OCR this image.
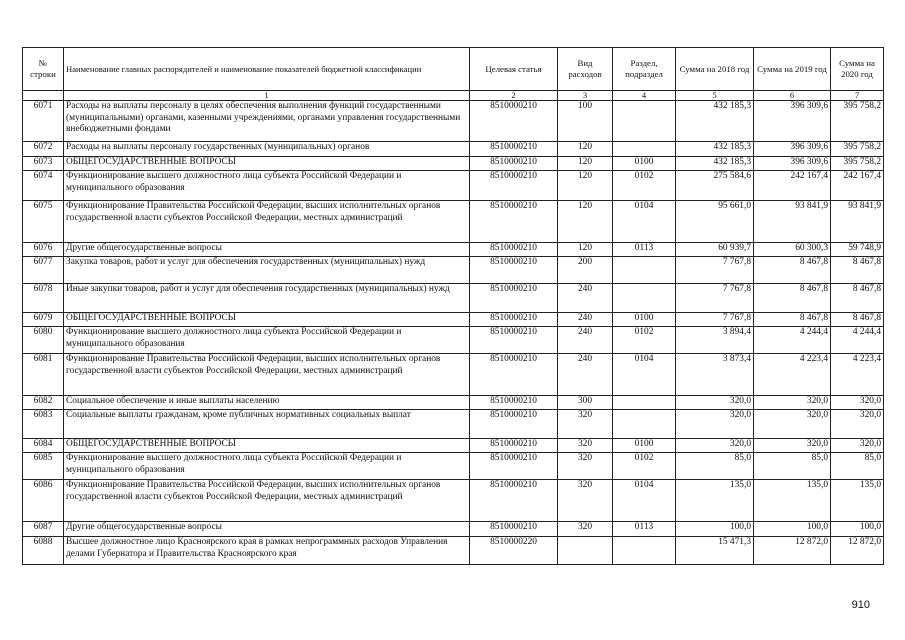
№ строки	Наименование главных распорядителей и наименование показателей бюджетной классификации	Целевая статья	Вид расходов	Раздел, подраздел	Сумма на 2018 год	Сумма на 2019 год	Сумма на 2020 год
	1	2	3	4	5	6	7
6071	Расходы на выплаты персоналу в целях обеспечения выполнения функций государственными (муниципальными) органами, казенными учреждениями, органами управления государственными внебюджетными фондами	8510000210	100		432 185,3	396 309,6	395 758,2
6072	Расходы на выплаты персоналу государственных (муниципальных) органов	8510000210	120		432 185,3	396 309,6	395 758,2
6073	ОБЩЕГОСУДАРСТВЕННЫЕ ВОПРОСЫ	8510000210	120	0100	432 185,3	396 309,6	395 758,2
6074	Функционирование высшего должностного лица субъекта Российской Федерации и муниципального образования	8510000210	120	0102	275 584,6	242 167,4	242 167,4
6075	Функционирование Правительства Российской Федерации, высших исполнительных органов государственной власти субъектов Российской Федерации, местных администраций	8510000210	120	0104	95 661,0	93 841,9	93 841,9
6076	Другие общегосударственные вопросы	8510000210	120	0113	60 939,7	60 300,3	59 748,9
6077	Закупка товаров, работ и услуг для обеспечения государственных (муниципальных) нужд	8510000210	200		7 767,8	8 467,8	8 467,8
6078	Иные закупки товаров, работ и услуг для обеспечения государственных (муниципальных) нужд	8510000210	240		7 767,8	8 467,8	8 467,8
6079	ОБЩЕГОСУДАРСТВЕННЫЕ ВОПРОСЫ	8510000210	240	0100	7 767,8	8 467,8	8 467,8
6080	Функционирование высшего должностного лица субъекта Российской Федерации и муниципального образования	8510000210	240	0102	3 894,4	4 244,4	4 244,4
6081	Функционирование Правительства Российской Федерации, высших исполнительных органов государственной власти субъектов Российской Федерации, местных администраций	8510000210	240	0104	3 873,4	4 223,4	4 223,4
6082	Социальное обеспечение и иные выплаты населению	8510000210	300		320,0	320,0	320,0
6083	Социальные выплаты гражданам, кроме публичных нормативных социальных выплат	8510000210	320		320,0	320,0	320,0
6084	ОБЩЕГОСУДАРСТВЕННЫЕ ВОПРОСЫ	8510000210	320	0100	320,0	320,0	320,0
6085	Функционирование высшего должностного лица субъекта Российской Федерации и муниципального образования	8510000210	320	0102	85,0	85,0	85,0
6086	Функционирование Правительства Российской Федерации, высших исполнительных органов государственной власти субъектов Российской Федерации, местных администраций	8510000210	320	0104	135,0	135,0	135,0
6087	Другие общегосударственные вопросы	8510000210	320	0113	100,0	100,0	100,0
6088	Высшее должностное лицо Красноярского края в рамках непрограммных расходов Управления делами Губернатора и Правительства Красноярского края	8510000220			15 471,3	12 872,0	12 872,0
910
